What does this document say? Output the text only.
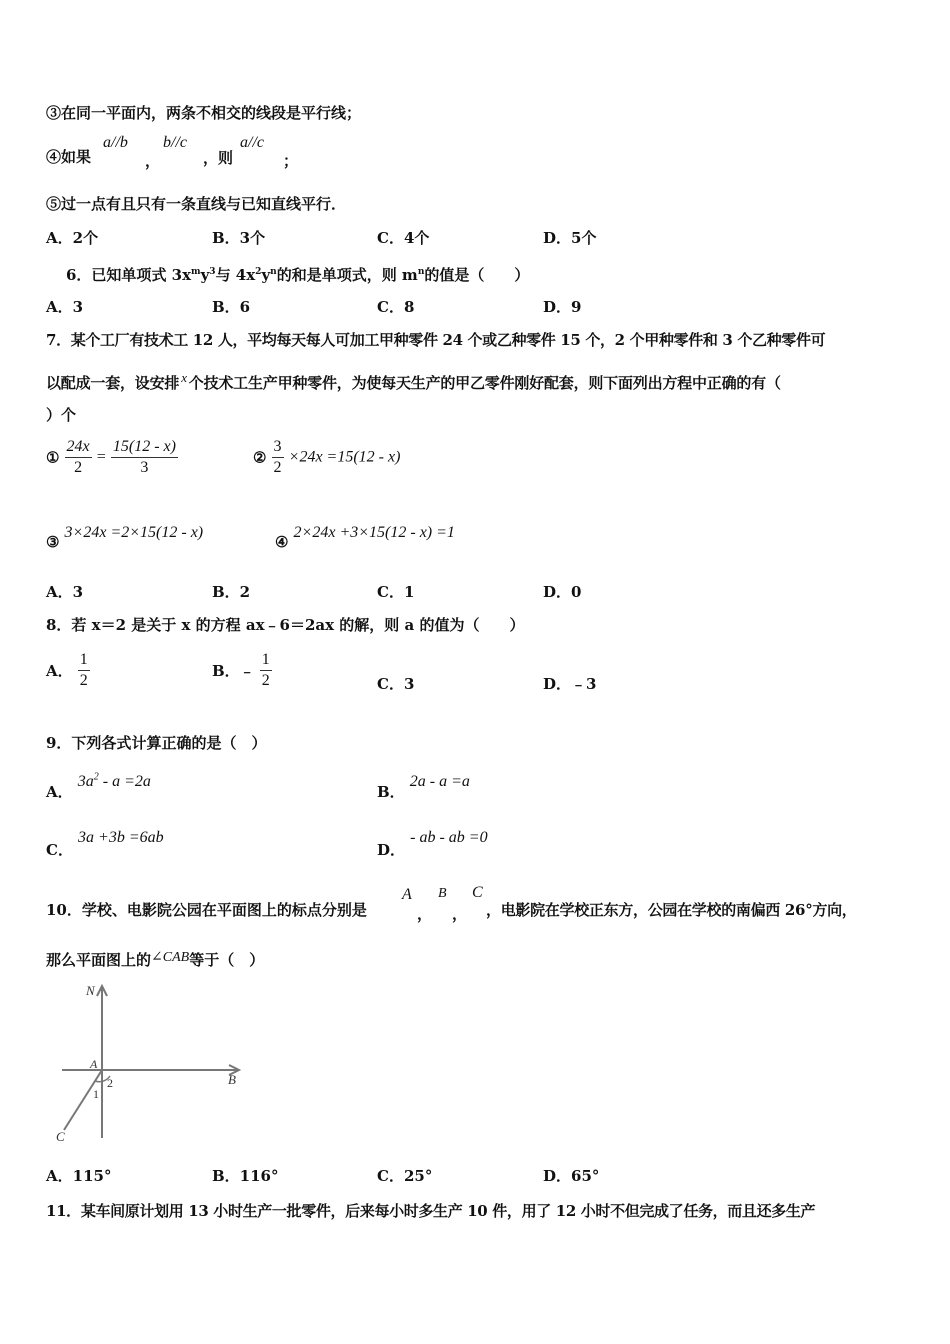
③在同一平面内，两条不相交的线段是平行线；
④如果
a//b
，
b//c
，则
a//c
；
⑤过一点有且只有一条直线与已知直线平行．
A．2个	B．3个	C．4个	D．5个
6．已知单项式 $3x^my^3$与 $4x^2y^n$的和是单项式，则 $m^n$的值是（　　）
A．3	B．6	C．8	D．9
7．某个工厂有技术工 12 人，平均每天每人可加工甲种零件 24 个或乙种零件 15 个，2 个甲种零件和 3 个乙种零件可
以配成一套，设安排 x 个技术工生产甲种零件，为使每天生产的甲乙零件刚好配套，则下面列出方程中正确的有（
）个
① $\frac{24x}{2} = \frac{15(12 - x)}{3}$	② $\frac{3}{2} \times 24x =15(12 - x)$
③ 3×24x =2×15(12 - x)
④ 2×24x +3×15(12 - x) =1
A．3	B．2	C．1	D．0
8．若 x＝2 是关于 x 的方程 ax﹣6＝2ax 的解，则 a 的值为（　　）
A． $\frac{1}{2}$	B．﹣ $\frac{1}{2}$	C．3	D．﹣3
9．下列各式计算正确的是（　）
A． $3a^2 - a =2a$
B． 2a - a =a
C． 3a +3b =6ab
D． - ab - ab =0
10．学校、电影院公园在平面图上的标点分别是
A
，
B
，
C
，电影院在学校正东方，公园在学校的南偏西 26°方向，
那么平面图上的∠CAB等于（　）
N
A
B
C
1
2
A．115°	B．116°	C．25°	D．65°
11．某车间原计划用 13 小时生产一批零件，后来每小时多生产 10 件，用了 12 小时不但完成了任务，而且还多生产
